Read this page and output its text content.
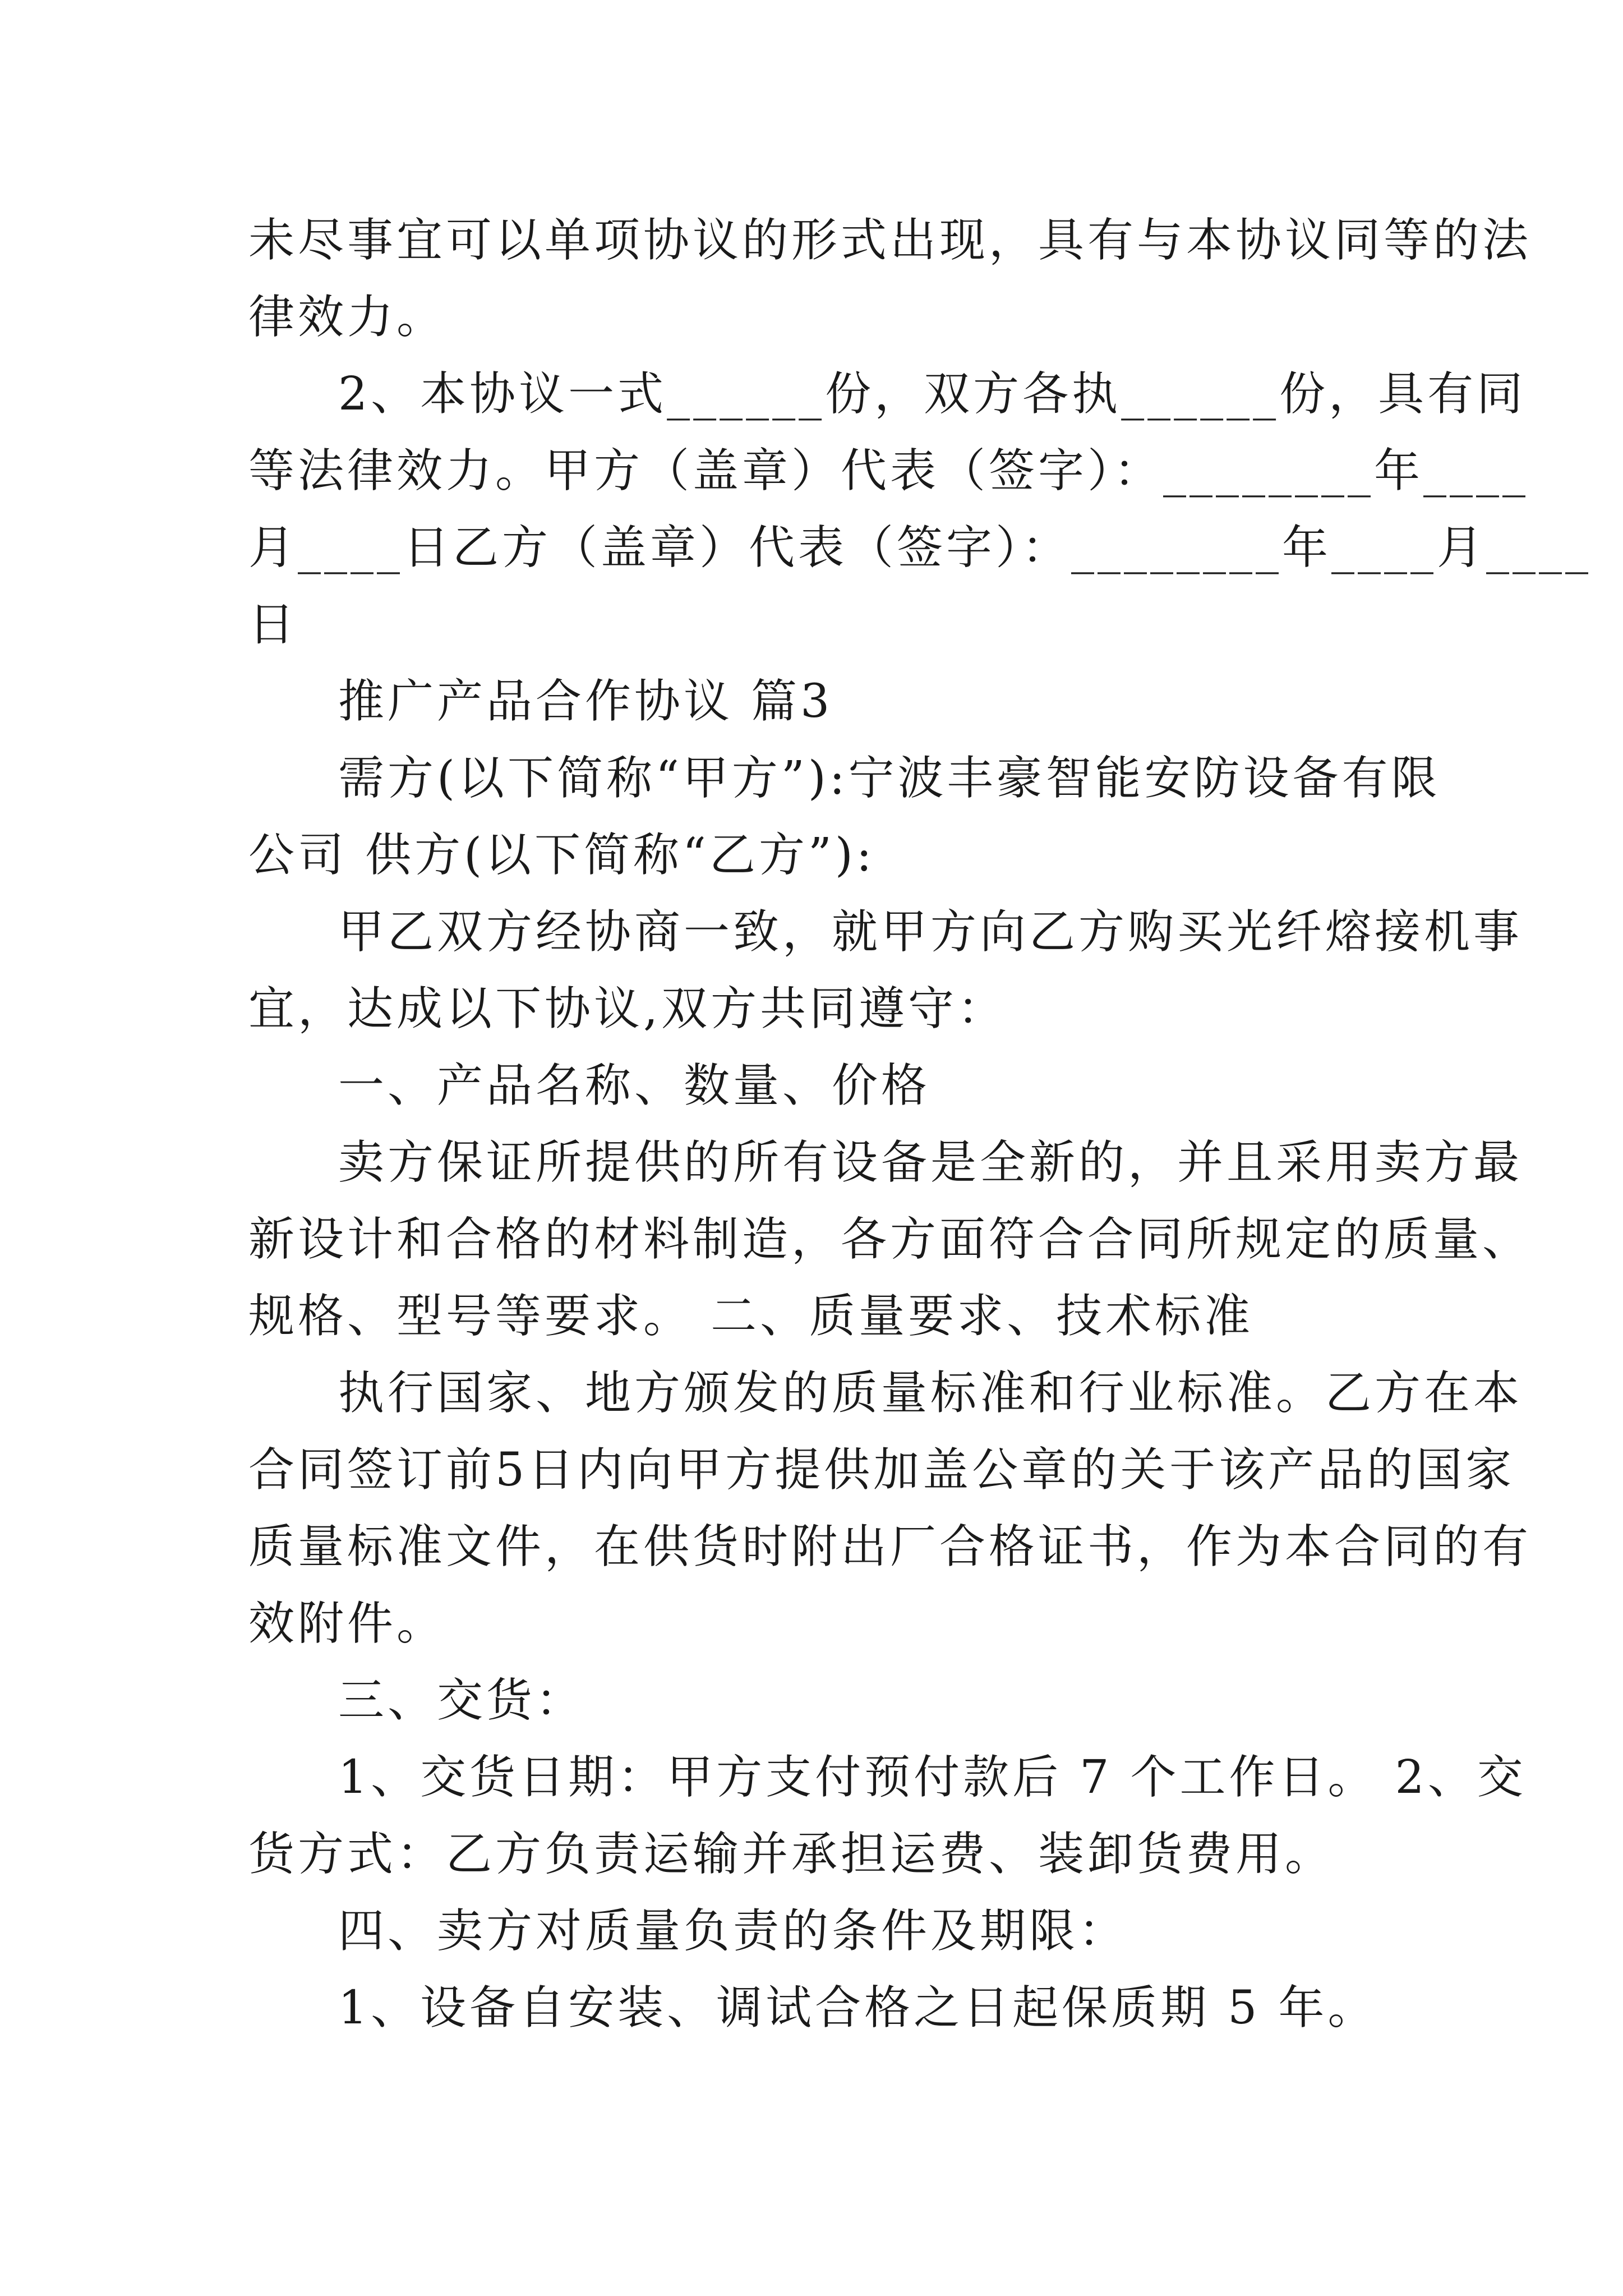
未尽事宜可以单项协议的形式出现，具有与本协议同等的法
律效力。
2、本协议一式______份，双方各执______份，具有同
等法律效力。甲方（盖章）代表（签字）：________年____
月____日乙方（盖章）代表（签字）：________年____月____
日
推广产品合作协议 篇3
需方(以下简称“甲方”):宁波丰豪智能安防设备有限
公司 供方(以下简称“乙方”):
甲乙双方经协商一致，就甲方向乙方购买光纤熔接机事
宜，达成以下协议,双方共同遵守：
一、产品名称、数量、价格
卖方保证所提供的所有设备是全新的，并且采用卖方最
新设计和合格的材料制造，各方面符合合同所规定的质量、
规格、型号等要求。 二、质量要求、技术标准
执行国家、地方颁发的质量标准和行业标准。乙方在本
合同签订前5日内向甲方提供加盖公章的关于该产品的国家
质量标准文件，在供货时附出厂合格证书，作为本合同的有
效附件。
三、交货：
1、交货日期：甲方支付预付款后 7 个工作日。 2、交
货方式：乙方负责运输并承担运费、装卸货费用。
四、卖方对质量负责的条件及期限：
1、设备自安装、调试合格之日起保质期 5 年。
